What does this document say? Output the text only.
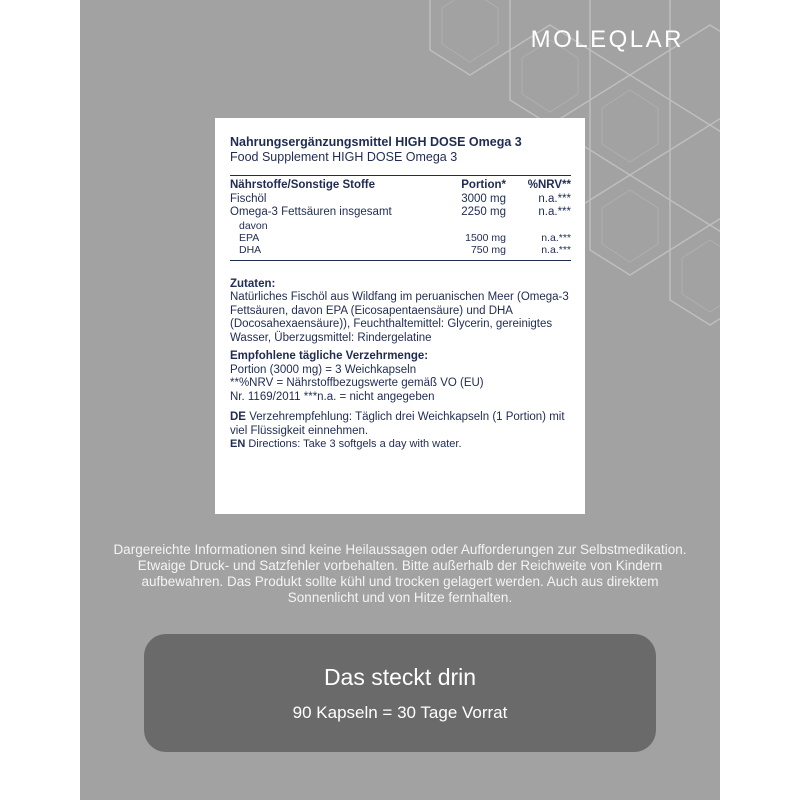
MOLEQLAR
Nahrungsergänzungsmittel HIGH DOSE Omega 3
Food Supplement HIGH DOSE Omega 3
Nährstoffe/Sonstige Stoffe	Portion*	%NRV**
Fischöl	3000 mg	n.a.***
Omega-3 Fettsäuren insgesamt	2250 mg	n.a.***
davon
EPA	1500 mg	n.a.***
DHA	750 mg	n.a.***
Zutaten:

Natürliches Fischöl aus Wildfang im peruanischen Meer (Omega-3 Fettsäuren, davon EPA (Eicosapentaensäure) und DHA (Docosahexaensäure)), Feuchthaltemittel: Glycerin, gereinigtes Wasser, Überzugsmittel: Rindergelatine

Empfohlene tägliche Verzehrmenge:
Portion (3000 mg) = 3 Weichkapseln
**%NRV = Nährstoffbezugswerte gemäß VO (EU)
Nr. 1169/2011 ***n.a. = nicht angegeben
DE Verzehrempfehlung: Täglich drei Weichkapseln (1 Portion) mit viel Flüssigkeit einnehmen.
EN Directions: Take 3 softgels a day with water.
Dargereichte Informationen sind keine Heilaussagen oder Aufforderungen zur Selbstmedikation. Etwaige Druck- und Satzfehler vorbehalten. Bitte außerhalb der Reichweite von Kindern aufbewahren. Das Produkt sollte kühl und trocken gelagert werden. Auch aus direktem Sonnenlicht und von Hitze fernhalten.
Das steckt drin
90 Kapseln = 30 Tage Vorrat
